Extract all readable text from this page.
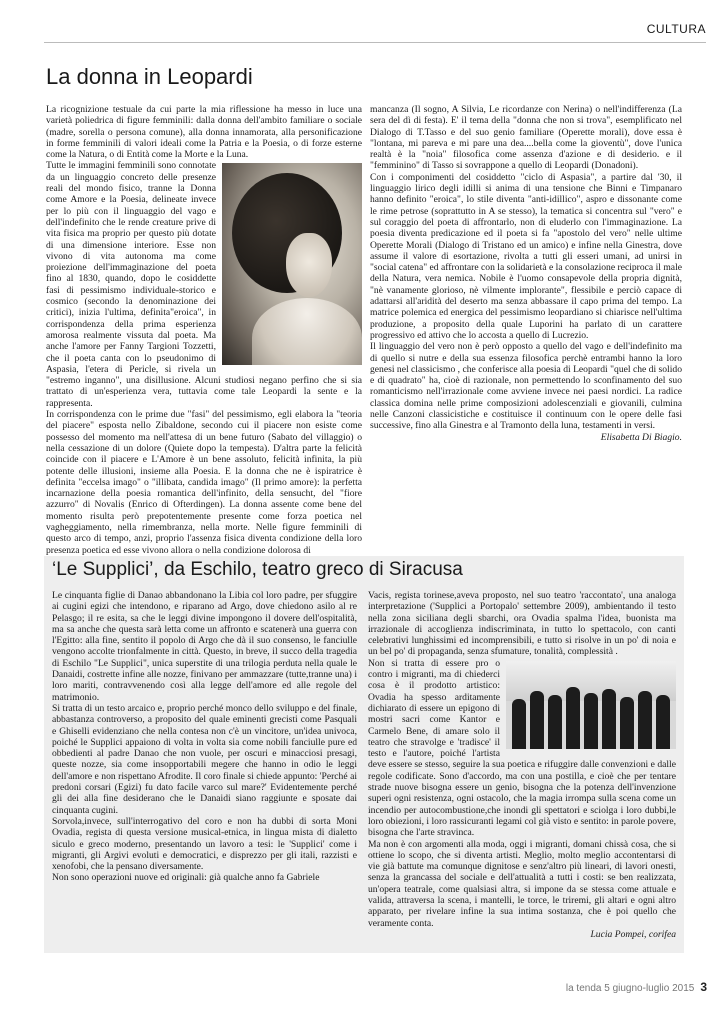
CULTURA
La donna in Leopardi

La ricognizione testuale da cui parte la mia riflessione ha messo in luce una varietà poliedrica di figure femminili: dalla donna dell'ambito familiare o sociale (madre, sorella o persona comune), alla donna innamorata, alla personificazione in forme femminili di valori ideali come la Patria e la Poesia, o di forze esterne come la Natura, o di Entità come la Morte e la Luna.

Tutte le immagini femminili sono connotate da un linguaggio concreto delle presenze reali del mondo fisico, tranne la Donna come Amore e la Poesia, delineate invece per lo più con il linguaggio del vago e dell'indefinito che le rende creature prive di vita fisica ma proprio per questo più dotate di una dimensione interiore. Esse non vivono di vita autonoma ma come proiezione dell'immaginazione del poeta fino al 1830, quando, dopo le cosiddette fasi di pessimismo individuale-storico e cosmico (secondo la denominazione dei critici), inizia l'ultima, definita"eroica", in corrispondenza della prima esperienza amorosa realmente vissuta dal poeta. Ma anche l'amore per Fanny Targioni Tozzetti, che il poeta canta con lo pseudonimo di Aspasia, l'etera di Pericle, si rivela un "estremo inganno", una disillusione. Alcuni studiosi negano perfino che si sia trattato di un'esperienza vera, tuttavia come tale Leopardi la sente e la rappresenta.

In corrispondenza con le prime due "fasi" del pessimismo, egli elabora la "teoria del piacere" esposta nello Zibaldone, secondo cui il piacere non esiste come possesso del momento ma nell'attesa di un bene futuro (Sabato del villaggio) o nella cessazione di un dolore (Quiete dopo la tempesta). D'altra parte la felicità coincide con il piacere e L'Amore è un bene assoluto, felicità infinita, la più potente delle illusioni, insieme alla Poesia. E la donna che ne è ispiratrice è definita "eccelsa imago" o "illibata, candida imago" (Il primo amore): la perfetta incarnazione della poesia romantica dell'infinito, della sensucht, del "fiore azzurro" di Novalis (Enrico di Ofterdingen). La donna assente come bene del momento risulta però prepotentemente presente come forza poetica nel vagheggiamento, nella rimembranza, nella morte. Nelle figure femminili di questo arco di tempo, anzi, proprio l'assenza fisica diventa condizione della loro presenza poetica ed esse vivono allora o nella condizione dolorosa di

mancanza (Il sogno, A Silvia, Le ricordanze con Nerina) o nell'indifferenza (La sera del dì di festa). E' il tema della "donna che non si trova", esemplificato nel Dialogo di T.Tasso e del suo genio familiare (Operette morali), dove essa è "lontana, mi pareva e mi pare una dea....bella come la gioventù", dove l'unica realtà è la "noia" filosofica come assenza d'azione e di desiderio. e il "femminino" di Tasso si sovrappone a quello di Leopardi (Donadoni).

Con i componimenti del cosiddetto "ciclo di Aspasia", a partire dal '30, il linguaggio lirico degli idilli si anima di una tensione che Binni e Timpanaro hanno definito "eroica", lo stile diventa "anti-idillico", aspro e dissonante come le rime petrose (soprattutto in A se stesso), la tematica si concentra sul "vero" e sul coraggio del poeta di affrontarlo, non di eluderlo con l'immaginazione. La poesia diventa predicazione ed il poeta si fa "apostolo del vero" nelle ultime Operette Morali (Dialogo di Tristano ed un amico) e infine nella Ginestra, dove assume il valore di esortazione, rivolta a tutti gli esseri umani, ad unirsi in "social catena" ed affrontare con la solidarietà e la consolazione reciproca il male della Natura, vera nemica. Nobile è l'uomo consapevole della propria dignità, "nè vanamente glorioso, nè vilmente implorante", flessibile e perciò capace di adattarsi all'aridità del deserto ma senza abbassare il capo prima del tempo. La matrice polemica ed energica del pessimismo leopardiano si chiarisce nell'ultima produzione, a proposito della quale Luporini ha parlato di un carattere progressivo ed attivo che lo accosta a quello di Lucrezio.

Il linguaggio del vero non è però opposto a quello del vago e dell'indefinito ma di quello si nutre e della sua essenza filosofica perchè entrambi hanno la loro genesi nel classicismo , che conferisce alla poesia di Leopardi "quel che di solido e di quadrato" ha, cioè di razionale, non permettendo lo sconfinamento del suo romanticismo nell'irrazionale come avviene invece nei paesi nordici. La radice classica domina nelle prime composizioni adolescenziali e giovanili, culmina nelle Canzoni classicistiche e costituisce il continuum con le opere delle fasi successive, fino alla Ginestra e al Tramonto della luna, testamenti in versi.

Elisabetta Di Biagio.

‘Le Supplici’, da Eschilo, teatro greco di Siracusa

Le cinquanta figlie di Danao abbandonano la Libia col loro padre, per sfuggire ai cugini egizi che intendono, e riparano ad Argo, dove chiedono asilo al re Pelasgo; il re esita, sa che le leggi divine impongono il dovere dell'ospitalità, ma sa anche che questa sarà letta come un affronto e scatenerà una guerra con l'Egitto: alla fine, sentito il popolo di Argo che dà il suo consenso, le fanciulle vengono accolte trionfalmente in città. Questo, in breve, il succo della tragedia di Eschilo "Le Supplici", unica superstite di una trilogia perduta nella quale le Danaidi, costrette infine alle nozze, finivano per ammazzare (tutte,tranne una) i loro mariti, contravvenendo così alla legge dell'amore ed alle regole del matrimonio.

Si tratta di un testo arcaico e, proprio perché monco dello sviluppo e del finale, abbastanza controverso, a proposito del quale eminenti grecisti come Pasquali e Ghiselli evidenziano che nella contesa non c'è un vincitore, un'idea univoca, poiché le Supplici appaiono di volta in volta sia come nobili fanciulle pure ed obbedienti al padre Danao che non vuole, per oscuri e minacciosi presagi, queste nozze, sia come insopportabili megere che hanno in odio le leggi dell'amore e non rispettano Afrodite. Il coro finale si chiede appunto: 'Perché ai predoni corsari (Egizi) fu dato facile varco sul mare?' Evidentemente perché gli dei alla fine desiderano che le Danaidi siano raggiunte e sposate dai cinquanta cugini.

Sorvola,invece, sull'interrogativo del coro e non ha dubbi di sorta Moni Ovadia, regista di questa versione musical-etnica, in lingua mista di dialetto siculo e greco moderno, presentando un lavoro a tesi: le 'Supplici' come i migranti, gli Argivi evoluti e democratici, e disprezzo per gli itali, razzisti e xenofobi, che la pensano diversamente.

Non sono operazioni nuove ed originali: già qualche anno fa Gabriele

Vacis, regista torinese,aveva proposto, nel suo teatro 'raccontato', una analoga interpretazione ('Supplici a Portopalo' settembre 2009), ambientando il testo nella zona siciliana degli sbarchi, ora Ovadia spalma l'idea, buonista ma irrazionale di accoglienza indiscriminata, in tutto lo spettacolo, con canti celebrativi lunghissimi ed incomprensibili, e tutto si risolve in un po' di noia e un bel po' di propaganda, senza sfumature, tonalità, complessità .

Non si tratta di essere pro o contro i migranti, ma di chiederci cosa è il prodotto artistico: Ovadia ha spesso arditamente dichiarato di essere un epigono di mostri sacri come Kantor e Carmelo Bene, di amare solo il teatro che stravolge e 'tradisce' il testo e l'autore, poiché l'artista deve essere se stesso, seguire la sua poetica e rifuggire dalle convenzioni e dalle regole codificate. Sono d'accordo, ma con una postilla, e cioè che per tentare strade nuove bisogna essere un genio, bisogna che la potenza dell'invenzione superi ogni resistenza, ogni ostacolo, che la magia irrompa sulla scena come un incendio per autocombustione,che inondi gli spettatori e sciolga i loro dubbi,le loro obiezioni, i loro rassicuranti legami col già visto e sentito: in parole povere, bisogna che l'arte stravinca.

Ma non è con argomenti alla moda, oggi i migranti, domani chissà cosa, che si ottiene lo scopo, che si diventa artisti. Meglio, molto meglio accontentarsi di vie già battute ma comunque dignitose e senz'altro più lineari, di lavori onesti, senza la grancassa del sociale e dell'attualità a tutti i costi: se ben realizzata, un'opera teatrale, come qualsiasi altra, si impone da se stessa come attuale e valida, attraversa la scena, i mantelli, le torce, le triremi, gli altari e ogni altro apparato, per rivelare infine la sua intima sostanza, che è poi quello che veramente conta.

Lucia Pompei, corifea

la tenda 5 giugno-luglio 2015 3
